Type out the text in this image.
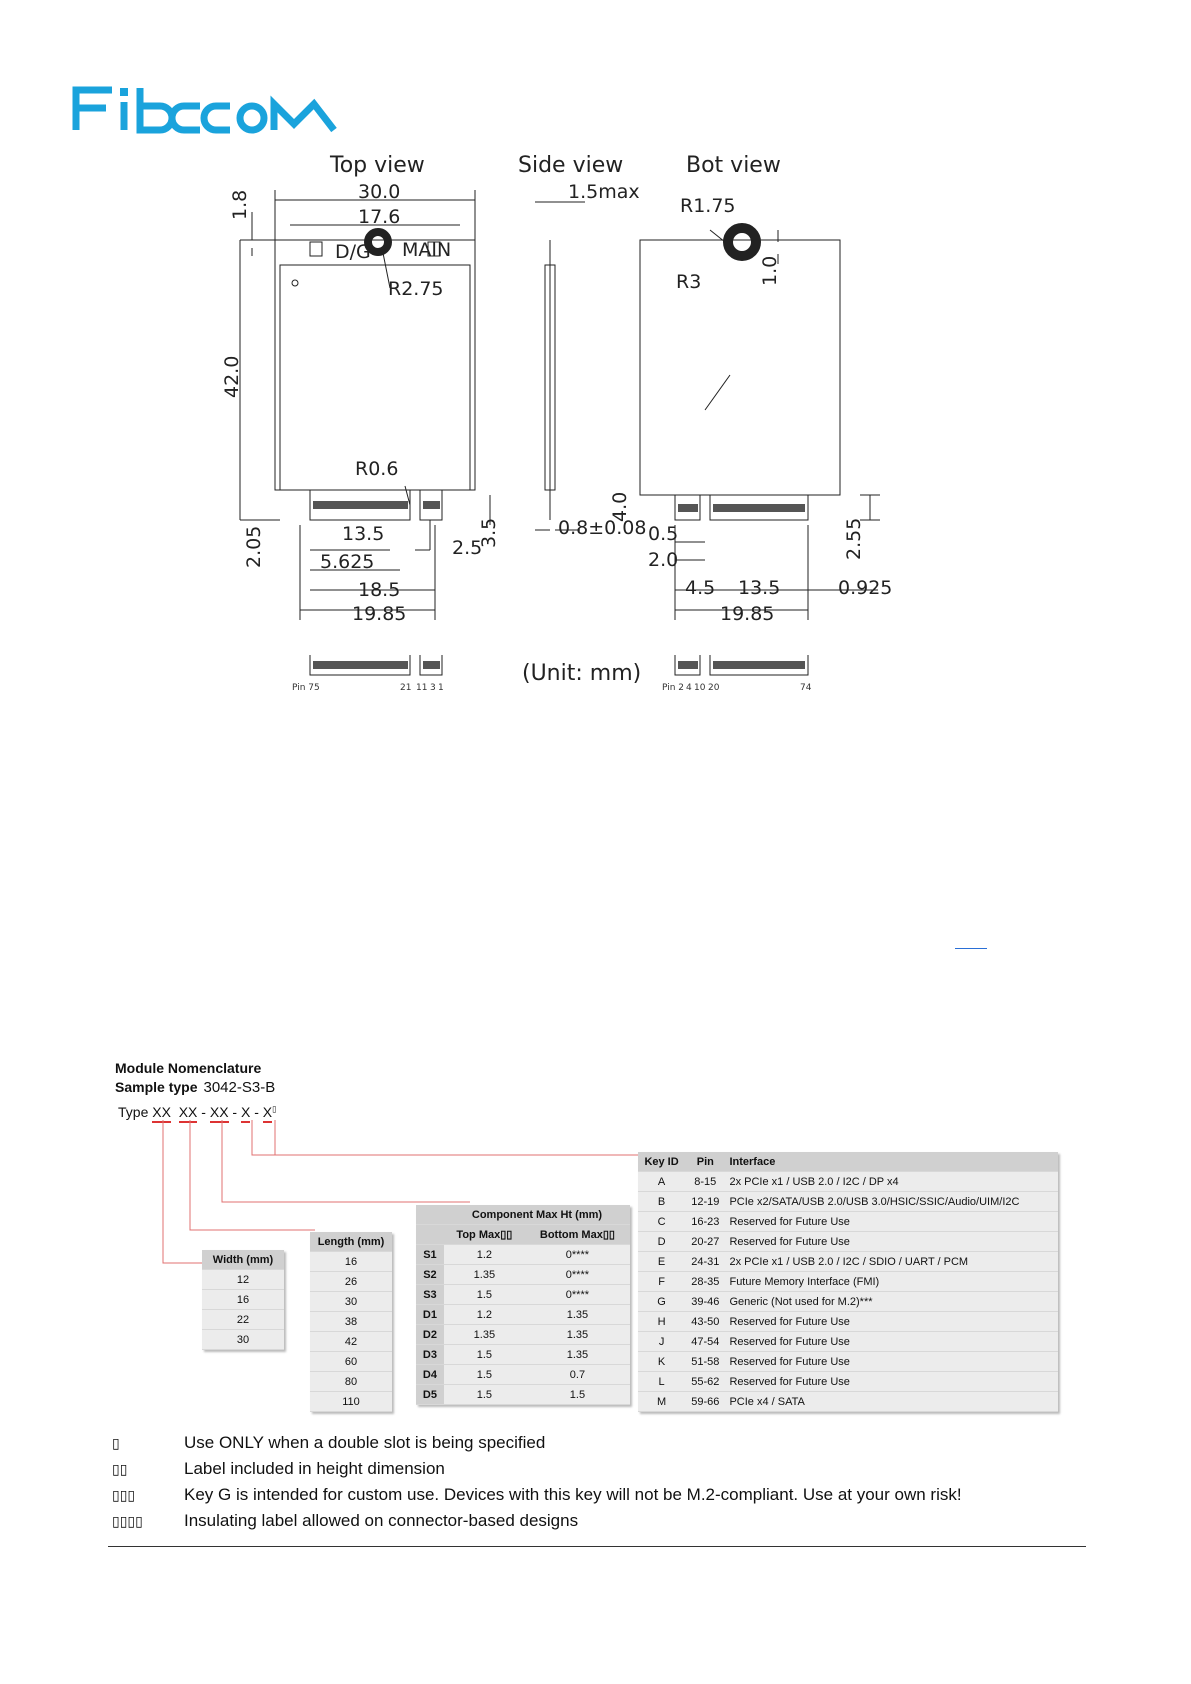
Top view	Side view	Bot view
30.0
17.6
1.8
42.0
R2.75
R0.6
13.5
5.625
2.5
3.5
18.5
19.85
2.05
D/G MAIN
1.5max
0.8±0.08
R1.75
R3	1.0
4.0
0.5
2.0
4.5 13.5	0.925
19.85
2.55
(Unit: mm)
Pin 75	21 11 3 1	Pin 2 4 10 20	74
Module Nomenclature
Sample type 3042-S3-B
Type XX XX - XX - X - X▯
Width (mm)
12
16
22
30
Length (mm)
16
26
30
38
42
60
80
110
	Component Max Ht (mm)	
	Top Max▯▯	Bottom Max▯▯
S1	1.2	0****
S2	1.35	0****
S3	1.5	0****
D1	1.2	1.35
D2	1.35	1.35
D3	1.5	1.35
D4	1.5	0.7
D5	1.5	1.5
Key ID	Pin	Interface
A	8-15	2x PCIe x1 / USB 2.0 / I2C / DP x4
B	12-19	PCIe x2/SATA/USB 2.0/USB 3.0/HSIC/SSIC/Audio/UIM/I2C
C	16-23	Reserved for Future Use
D	20-27	Reserved for Future Use
E	24-31	2x PCIe x1 / USB 2.0 / I2C / SDIO / UART / PCM
F	28-35	Future Memory Interface (FMI)
G	39-46	Generic (Not used for M.2)***
H	43-50	Reserved for Future Use
J	47-54	Reserved for Future Use
K	51-58	Reserved for Future Use
L	55-62	Reserved for Future Use
M	59-66	PCIe x4 / SATA
▯	Use ONLY when a double slot is being specified
▯▯	Label included in height dimension
▯▯▯	Key G is intended for custom use. Devices with this key will not be M.2-compliant. Use at your own risk!
▯▯▯▯ Insulating label allowed on connector-based designs
